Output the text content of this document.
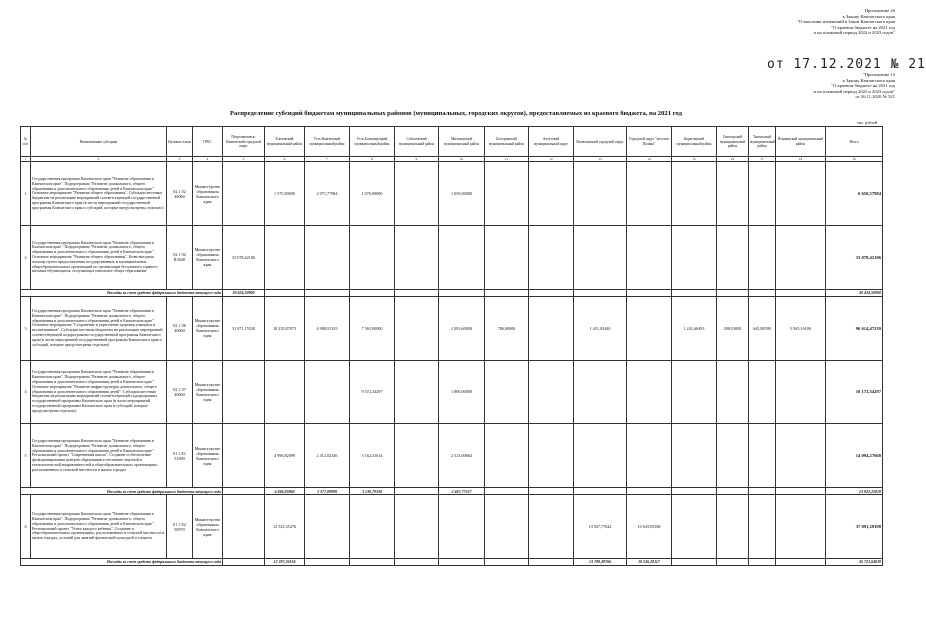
Приложение 26
к Закону Камчатского края
"О внесении изменений в Закон Камчатского края
"О краевом бюджете на 2021 год
и на плановый период 2022 и 2023 годов"
от 17.12.2021 № 21
"Приложение 13
к Закону Камчатского края
"О краевом бюджете на 2021 год
и на плановый период 2022 и 2023 годов"
от 26.11.2020 № 521
Распределение субсидий бюджетам муниципальных районов (муниципальных, городских округов), предоставляемых из краевого бюджета, на 2021 год
тыс. рублей
№ п/п	Наименование субсидии	Целевая статья	ГРБС	Петропавловск-Камчатский городской округ	Елизовский муниципальный район	Усть-Камчатский муниципальный район	Усть-Большерецкий муниципальный район	Соболевский муниципальный район	Мильковский муниципальный район	Быстринский муниципальный район	Алеутский муниципальный округ	Вилючинский городской округ	Городской округ "поселок Палана"	Карагинский муниципальный район	Олюторский муниципальный район	Тигильский муниципальный район	Пенжинский муниципальный район	Итого
1	2	3	4	5	6	7	8	9	10	11	12	13	14	15	16	17	18	19
1	Государственная программа Камчатского края "Развитие образования в Камчатском крае". Подпрограмма "Развитие дошкольного, общего образования и дополнительного образования детей в Камчатском крае". Основное мероприятие "Развитие общего образования". Субсидии местным бюджетам на реализацию мероприятий соответствующей государственной программы Камчатского края (в части мероприятий государственной программы Камчатского края и субсидий, которые предусмотрены отдельно)	02 1 02 40060	Министерство образования Камчатского края		1 575,80000	2 971,77984	1 070,00000		1 050,00000									6 650,57984
2	Государственная программа Камчатского края "Развитие образования в Камчатском крае". Подпрограмма "Развитие дошкольного, общего образования и дополнительного образования детей в Камчатском крае". Основное мероприятие "Развитие общего образования". Безвозмездная помощь путем предоставления государственных и муниципальных общеобразовательных организаций по организации бесплатного горячего питания обучающихся, получающих начальное общее образование	02 1 02 R3040	Министерство образования Камчатского края	33 078,42106														33 078,42106
Расходы за счет средств федерального бюджета текущего года				30 424,50900														30 424,50900
3	Государственная программа Камчатского края "Развитие образования в Камчатском крае". Подпрограмма "Развитие дошкольного, общего образования и дополнительного образования детей в Камчатском крае". Основное мероприятие "Сохранение и укрепление здоровья учащихся и воспитанников". Субсидии местным бюджетам на реализацию мероприятий соответствующей подпрограммы государственной программы Камчатского края (в части мероприятий государственной программы Камчатского края и субсидий, которые предусмотрены отдельно)	02 1 06 40060	Министерство образования Камчатского края	31 871,15520	18 235,87873	4 988,91355	7 563,00000		2 093,60000	786,00000		1 451,05440		1 241,66493	298,53000	645,88590	5 945,16100	96 614,47239
4	Государственная программа Камчатского края "Развитие образования в Камчатском крае". Подпрограмма "Развитие дошкольного, общего образования и дополнительного образования детей в Камчатском крае". Основное мероприятие "Развитие инфраструктуры дошкольного, общего образования и дополнительного образования детей". Субсидии местным бюджетам на реализацию мероприятий соответствующей подпрограммы государственной программы Камчатского края (в части мероприятий государственной программы Камчатского края и субсидий, которые предусмотрены отдельно)	02 1 07 40060	Министерство образования Камчатского края				9 372,34297		1 800,00000									10 172,34297
5	Государственная программа Камчатского края "Развитие образования в Камчатском крае". Подпрограмма "Развитие дошкольного, общего образования и дополнительного образования детей в Камчатском крае". Региональный проект "Современная школа". Создание и обеспечение функционирования центров образования естественно-научной и технологической направленностей в общеобразовательных организациях, расположенных в сельской местности и малых городах	01 1 E1 51690	Министерство образования Камчатского края		4 996,82099	2 412,02346	3 162,41614		2 523,00664									14 094,27668
Расходы за счет средств федерального бюджета текущего года					4 846,82860	2 377,89990	3 130,79330		2 467,77557									13 022,25818
6	Государственная программа Камчатского края "Развитие образования в Камчатском крае". Подпрограмма "Развитие дошкольного, общего образования и дополнительного образования детей в Камчатском крае". Региональный проект "Успех каждого ребенка". Создание в общеобразовательных организациях, расположенных в сельской местности и малых городах, условий для занятий физической культурой и спортом	01 1 E2 50970	Министерство образования Камчатского края		12 523,35476							13 927,77642	10 643,95368					37 091,29108
Расходы за счет средств федерального бюджета текущего года					12 397,26156							13 788,49766	10 536,28117					36 723,04039
